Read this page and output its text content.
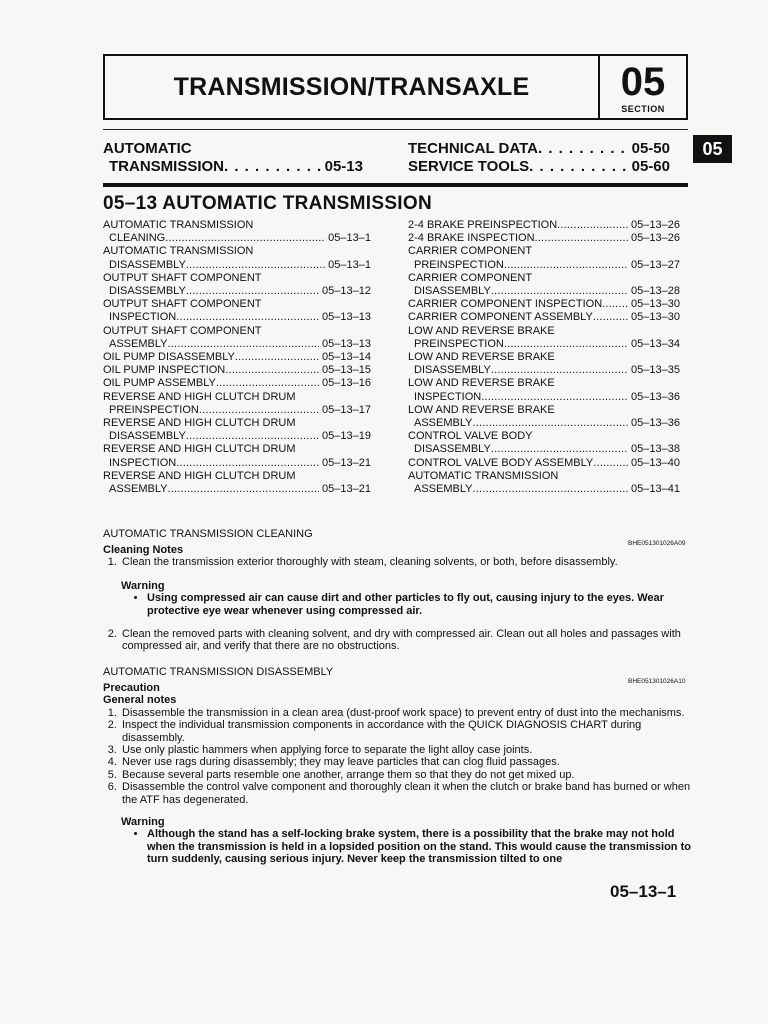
TRANSMISSION/TRANSAXLE	05
SECTION
05
AUTOMATIC
TRANSMISSION . . .	05-13
TECHNICAL DATA . . .	05-50
SERVICE TOOLS . . .	05-60
05–13 AUTOMATIC TRANSMISSION
AUTOMATIC TRANSMISSION
CLEANING .....	05–13–1
AUTOMATIC TRANSMISSION
DISASSEMBLY .....	05–13–1
OUTPUT SHAFT COMPONENT
DISASSEMBLY .....	05–13–12
OUTPUT SHAFT COMPONENT
INSPECTION .....	05–13–13
OUTPUT SHAFT COMPONENT
ASSEMBLY .....	05–13–13
OIL PUMP DISASSEMBLY .....	05–13–14
OIL PUMP INSPECTION .....	05–13–15
OIL PUMP ASSEMBLY .....	05–13–16
REVERSE AND HIGH CLUTCH DRUM
PREINSPECTION .....	05–13–17
REVERSE AND HIGH CLUTCH DRUM
DISASSEMBLY .....	05–13–19
REVERSE AND HIGH CLUTCH DRUM
INSPECTION .....	05–13–21
REVERSE AND HIGH CLUTCH DRUM
ASSEMBLY .....	05–13–21
2-4 BRAKE PREINSPECTION .....	05–13–26
2-4 BRAKE INSPECTION .....	05–13–26
CARRIER COMPONENT
PREINSPECTION .....	05–13–27
CARRIER COMPONENT
DISASSEMBLY .....	05–13–28
CARRIER COMPONENT INSPECTION .....	05–13–30
CARRIER COMPONENT ASSEMBLY .....	05–13–30
LOW AND REVERSE BRAKE
PREINSPECTION .....	05–13–34
LOW AND REVERSE BRAKE
DISASSEMBLY .....	05–13–35
LOW AND REVERSE BRAKE
INSPECTION .....	05–13–36
LOW AND REVERSE BRAKE
ASSEMBLY .....	05–13–36
CONTROL VALVE BODY
DISASSEMBLY .....	05–13–38
CONTROL VALVE BODY ASSEMBLY .....	05–13–40
AUTOMATIC TRANSMISSION
ASSEMBLY .....	05–13–41
AUTOMATIC TRANSMISSION CLEANING
BHE051301026A09
Cleaning Notes
1. Clean the transmission exterior thoroughly with steam, cleaning solvents, or both, before disassembly.
Warning
• Using compressed air can cause dirt and other particles to fly out, causing injury to the eyes. Wear protective eye wear whenever using compressed air.
2. Clean the removed parts with cleaning solvent, and dry with compressed air. Clean out all holes and passages with compressed air, and verify that there are no obstructions.
AUTOMATIC TRANSMISSION DISASSEMBLY
BHE051301026A10
Precaution
General notes
1. Disassemble the transmission in a clean area (dust-proof work space) to prevent entry of dust into the mechanisms.
2. Inspect the individual transmission components in accordance with the QUICK DIAGNOSIS CHART during disassembly.
3. Use only plastic hammers when applying force to separate the light alloy case joints.
4. Never use rags during disassembly; they may leave particles that can clog fluid passages.
5. Because several parts resemble one another, arrange them so that they do not get mixed up.
6. Disassemble the control valve component and thoroughly clean it when the clutch or brake band has burned or when the ATF has degenerated.
Warning
• Although the stand has a self-locking brake system, there is a possibility that the brake may not hold when the transmission is held in a lopsided position on the stand. This would cause the transmission to turn suddenly, causing serious injury. Never keep the transmission tilted to one
05–13–1
